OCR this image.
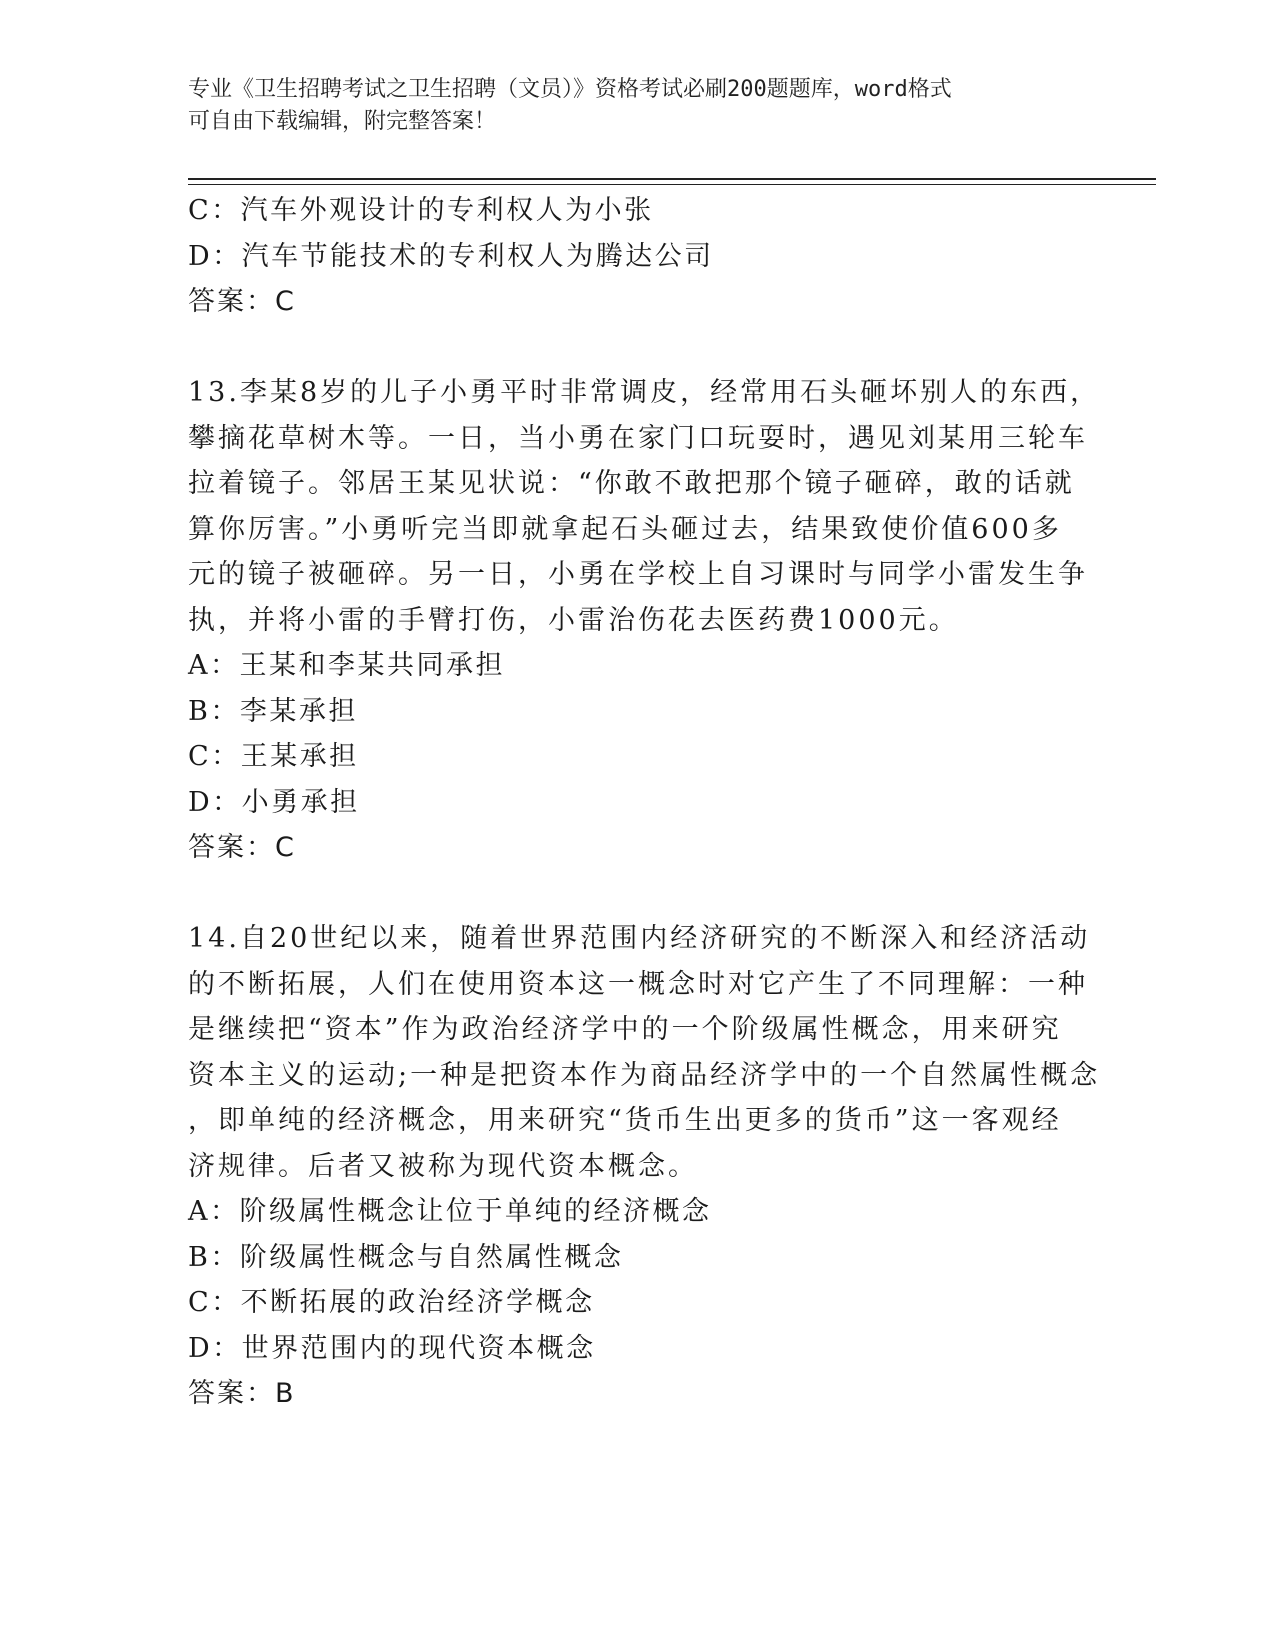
专业《卫生招聘考试之卫生招聘（文员）》资格考试必刷200题题库，word格式
可自由下载编辑，附完整答案！
C：汽车外观设计的专利权人为小张
D：汽车节能技术的专利权人为腾达公司
答案：C
13.李某8岁的儿子小勇平时非常调皮，经常用石头砸坏别人的东西，
攀摘花草树木等。一日，当小勇在家门口玩耍时，遇见刘某用三轮车
拉着镜子。邻居王某见状说：“你敢不敢把那个镜子砸碎，敢的话就
算你厉害。”小勇听完当即就拿起石头砸过去，结果致使价值600多
元的镜子被砸碎。另一日，小勇在学校上自习课时与同学小雷发生争
执，并将小雷的手臂打伤，小雷治伤花去医药费1000元。
A：王某和李某共同承担
B：李某承担
C：王某承担
D：小勇承担
答案：C
14.自20世纪以来，随着世界范围内经济研究的不断深入和经济活动
的不断拓展，人们在使用资本这一概念时对它产生了不同理解：一种
是继续把“资本”作为政治经济学中的一个阶级属性概念，用来研究
资本主义的运动;一种是把资本作为商品经济学中的一个自然属性概念
，即单纯的经济概念，用来研究“货币生出更多的货币”这一客观经
济规律。后者又被称为现代资本概念。
A：阶级属性概念让位于单纯的经济概念
B：阶级属性概念与自然属性概念
C：不断拓展的政治经济学概念
D：世界范围内的现代资本概念
答案：B
